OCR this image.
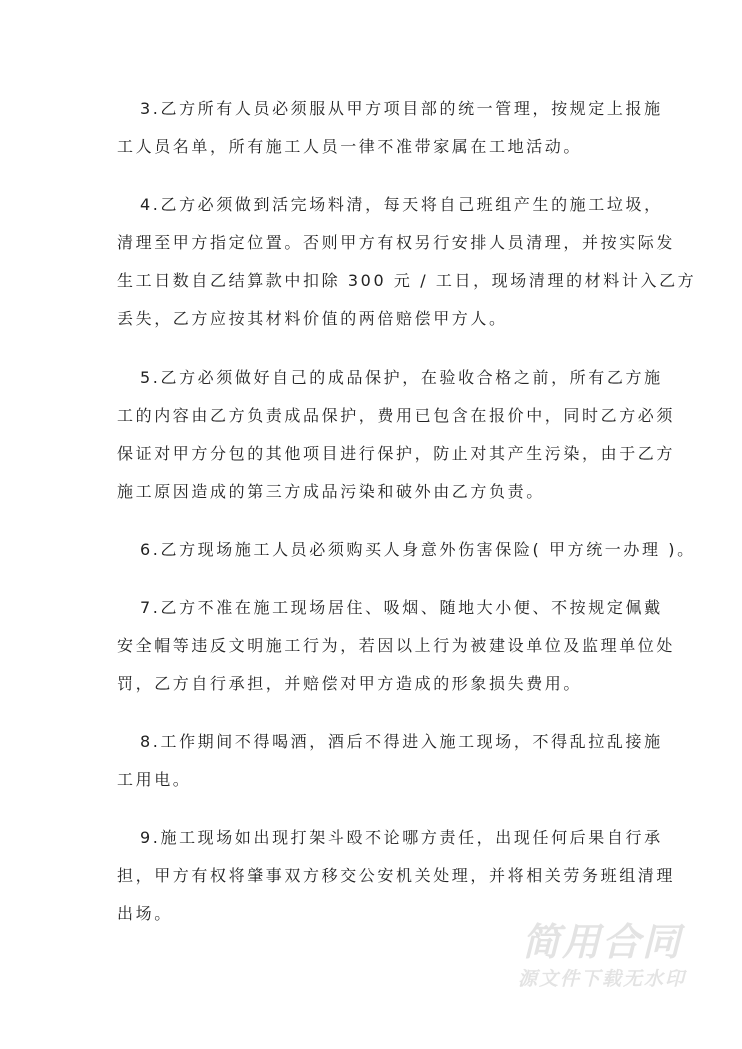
3.乙方所有人员必须服从甲方项目部的统一管理，按规定上报施
工人员名单，所有施工人员一律不准带家属在工地活动。
4.乙方必须做到活完场料清，每天将自己班组产生的施工垃圾，
清理至甲方指定位置。否则甲方有权另行安排人员清理，并按实际发
生工日数自乙结算款中扣除 300 元 / 工日，现场清理的材料计入乙方
丢失，乙方应按其材料价值的两倍赔偿甲方人。
5.乙方必须做好自己的成品保护，在验收合格之前，所有乙方施
工的内容由乙方负责成品保护，费用已包含在报价中，同时乙方必须
保证对甲方分包的其他项目进行保护，防止对其产生污染，由于乙方
施工原因造成的第三方成品污染和破外由乙方负责。
6.乙方现场施工人员必须购买人身意外伤害保险( 甲方统一办理 )。
7.乙方不准在施工现场居住、吸烟、随地大小便、不按规定佩戴
安全帽等违反文明施工行为，若因以上行为被建设单位及监理单位处
罚，乙方自行承担，并赔偿对甲方造成的形象损失费用。
8.工作期间不得喝酒，酒后不得进入施工现场，不得乱拉乱接施
工用电。
9.施工现场如出现打架斗殴不论哪方责任，出现任何后果自行承
担，甲方有权将肇事双方移交公安机关处理，并将相关劳务班组清理
出场。
简用合同
源文件下载无水印
